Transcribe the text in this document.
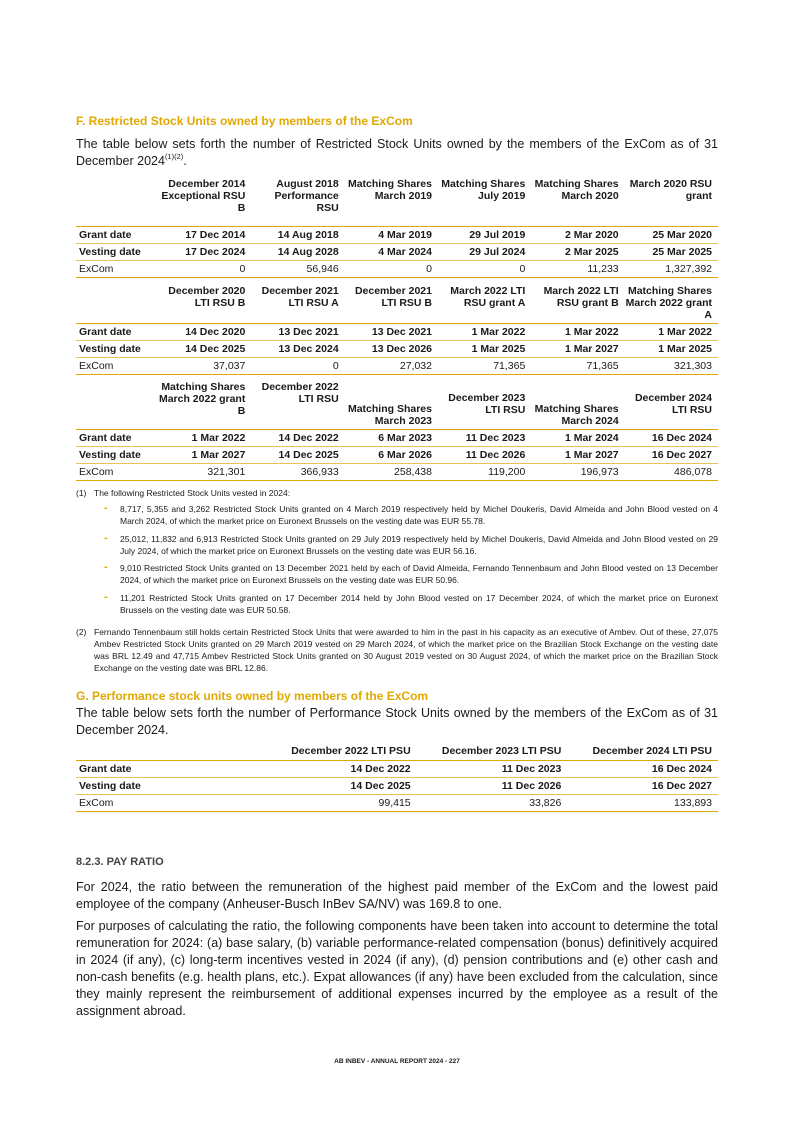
F. Restricted Stock Units owned by members of the ExCom
The table below sets forth the number of Restricted Stock Units owned by the members of the ExCom as of 31 December $2024^{(1)(2)}$.
	December 2014 Exceptional RSU B	August 2018 Performance RSU	Matching Shares March 2019	Matching Shares July 2019	Matching Shares March 2020	March 2020 RSU grant
Grant date	17 Dec 2014	14 Aug 2018	4 Mar 2019	29 Jul 2019	2 Mar 2020	25 Mar 2020
Vesting date	17 Dec 2024	14 Aug 2028	4 Mar 2024	29 Jul 2024	2 Mar 2025	25 Mar 2025
ExCom	0	56,946	0	0	11,233	1,327,392
	December 2020 LTI RSU B	December 2021 LTI RSU A	December 2021 LTI RSU B	March 2022 LTI RSU grant A	March 2022 LTI RSU grant B	Matching Shares March 2022 grant A
Grant date	14 Dec 2020	13 Dec 2021	13 Dec 2021	1 Mar 2022	1 Mar 2022	1 Mar 2022
Vesting date	14 Dec 2025	13 Dec 2024	13 Dec 2026	1 Mar 2025	1 Mar 2027	1 Mar 2025
ExCom	37,037	0	27,032	71,365	71,365	321,303
	Matching Shares March 2022 grant B	December 2022 LTI RSU	Matching Shares March 2023	December 2023 LTI RSU	Matching Shares March 2024	December 2024 LTI RSU
Grant date	1 Mar 2022	14 Dec 2022	6 Mar 2023	11 Dec 2023	1 Mar 2024	16 Dec 2024
Vesting date	1 Mar 2027	14 Dec 2025	6 Mar 2026	11 Dec 2026	1 Mar 2027	16 Dec 2027
ExCom	321,301	366,933	258,438	119,200	196,973	486,078
(1) The following Restricted Stock Units vested in 2024:
- 8,717, 5,355 and 3,262 Restricted Stock Units granted on 4 March 2019 respectively held by Michel Doukeris, David Almeida and John Blood vested on 4 March 2024, of which the market price on Euronext Brussels on the vesting date was EUR 55.78.
- 25,012, 11,832 and 6,913 Restricted Stock Units granted on 29 July 2019 respectively held by Michel Doukeris, David Almeida and John Blood vested on 29 July 2024, of which the market price on Euronext Brussels on the vesting date was EUR 56.16.
- 9,010 Restricted Stock Units granted on 13 December 2021 held by each of David Almeida, Fernando Tennenbaum and John Blood vested on 13 December 2024, of which the market price on Euronext Brussels on the vesting date was EUR 50.96.
- 11,201 Restricted Stock Units granted on 17 December 2014 held by John Blood vested on 17 December 2024, of which the market price on Euronext Brussels on the vesting date was EUR 50.58.
(2) Fernando Tennenbaum still holds certain Restricted Stock Units that were awarded to him in the past in his capacity as an executive of Ambev. Out of these, 27,075 Ambev Restricted Stock Units granted on 29 March 2019 vested on 29 March 2024, of which the market price on the Brazilian Stock Exchange on the vesting date was BRL 12.49 and 47,715 Ambev Restricted Stock Units granted on 30 August 2019 vested on 30 August 2024, of which the market price on the Brazilian Stock Exchange on the vesting date was BRL 12.86.
G. Performance stock units owned by members of the ExCom
The table below sets forth the number of Performance Stock Units owned by the members of the ExCom as of 31 December 2024.
	December 2022 LTI PSU	December 2023 LTI PSU	December 2024 LTI PSU
Grant date	14 Dec 2022	11 Dec 2023	16 Dec 2024
Vesting date	14 Dec 2025	11 Dec 2026	16 Dec 2027
ExCom	99,415	33,826	133,893
8.2.3. PAY RATIO
For 2024, the ratio between the remuneration of the highest paid member of the ExCom and the lowest paid employee of the company (Anheuser-Busch InBev SA/NV) was 169.8 to one.
For purposes of calculating the ratio, the following components have been taken into account to determine the total remuneration for 2024: (a) base salary, (b) variable performance-related compensation (bonus) definitively acquired in 2024 (if any), (c) long-term incentives vested in 2024 (if any), (d) pension contributions and (e) other cash and non-cash benefits (e.g. health plans, etc.). Expat allowances (if any) have been excluded from the calculation, since they mainly represent the reimbursement of additional expenses incurred by the employee as a result of the assignment abroad.
AB INBEV - ANNUAL REPORT 2024 - 227
